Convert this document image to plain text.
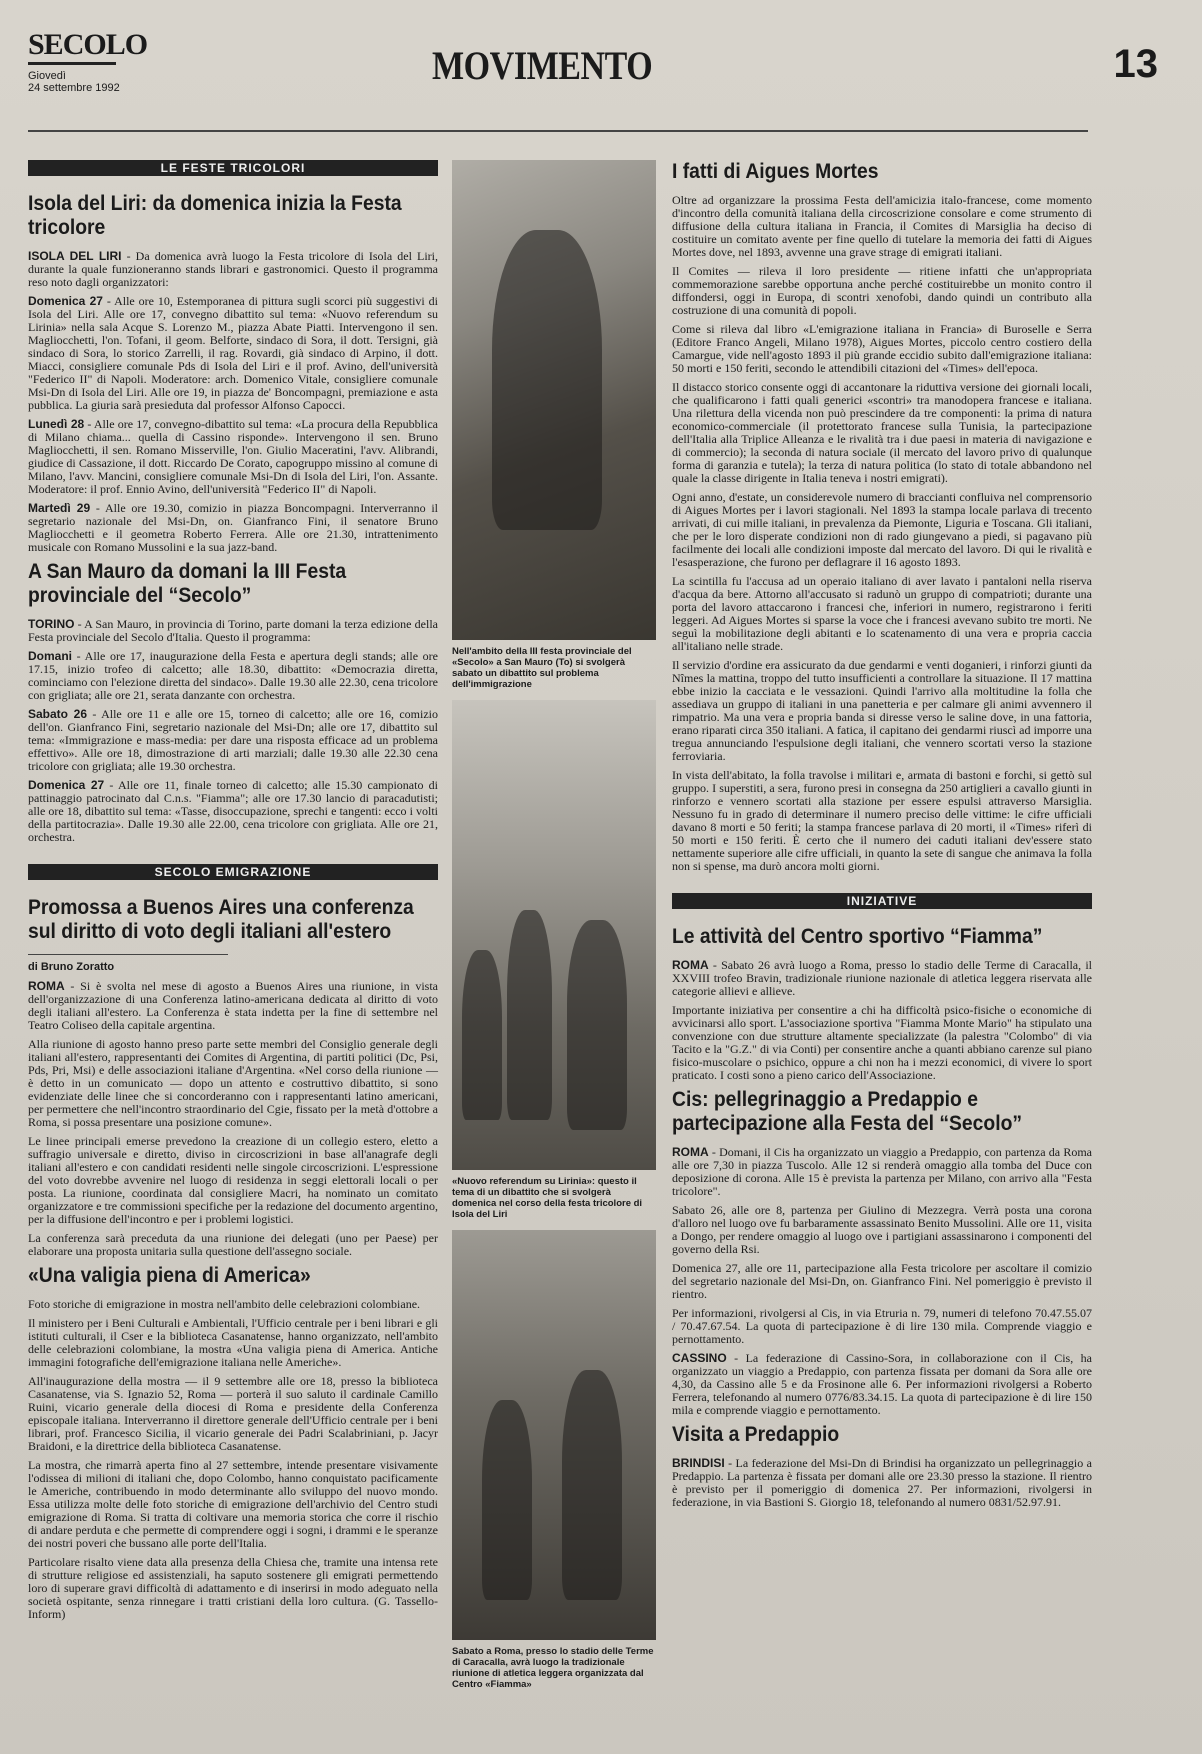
SECOLO
Giovedì
24 settembre 1992	MOVIMENTO	13
LE FESTE TRICOLORI
Isola del Liri: da domenica inizia la Festa tricolore

ISOLA DEL LIRI - Da domenica avrà luogo la Festa tricolore di Isola del Liri, durante la quale funzioneranno stands librari e gastronomici. Questo il programma reso noto dagli organizzatori:

Domenica 27 - Alle ore 10, Estemporanea di pittura sugli scorci più suggestivi di Isola del Liri. Alle ore 17, convegno dibattito sul tema: «Nuovo referendum su Lirinia» nella sala Acque S. Lorenzo M., piazza Abate Piatti. Intervengono il sen. Magliocchetti, l'on. Tofani, il geom. Belforte, sindaco di Sora, il dott. Tersigni, già sindaco di Sora, lo storico Zarrelli, il rag. Rovardi, già sindaco di Arpino, il dott. Miacci, consigliere comunale Pds di Isola del Liri e il prof. Avino, dell'università "Federico II" di Napoli. Moderatore: arch. Domenico Vitale, consigliere comunale Msi-Dn di Isola del Liri. Alle ore 19, in piazza de' Boncompagni, premiazione e asta pubblica. La giuria sarà presieduta dal professor Alfonso Capocci.

Lunedì 28 - Alle ore 17, convegno-dibattito sul tema: «La procura della Repubblica di Milano chiama... quella di Cassino risponde». Intervengono il sen. Bruno Magliocchetti, il sen. Romano Misserville, l'on. Giulio Maceratini, l'avv. Alibrandi, giudice di Cassazione, il dott. Riccardo De Corato, capogruppo missino al comune di Milano, l'avv. Mancini, consigliere comunale Msi-Dn di Isola del Liri, l'on. Assante. Moderatore: il prof. Ennio Avino, dell'università "Federico II" di Napoli.

Martedì 29 - Alle ore 19.30, comizio in piazza Boncompagni. Interverranno il segretario nazionale del Msi-Dn, on. Gianfranco Fini, il senatore Bruno Magliocchetti e il geometra Roberto Ferrera. Alle ore 21.30, intrattenimento musicale con Romano Mussolini e la sua jazz-band.

A San Mauro da domani la III Festa provinciale del “Secolo”

TORINO - A San Mauro, in provincia di Torino, parte domani la terza edizione della Festa provinciale del Secolo d'Italia. Questo il programma:

Domani - Alle ore 17, inaugurazione della Festa e apertura degli stands; alle ore 17.15, inizio trofeo di calcetto; alle 18.30, dibattito: «Democrazia diretta, cominciamo con l'elezione diretta del sindaco». Dalle 19.30 alle 22.30, cena tricolore con grigliata; alle ore 21, serata danzante con orchestra.

Sabato 26 - Alle ore 11 e alle ore 15, torneo di calcetto; alle ore 16, comizio dell'on. Gianfranco Fini, segretario nazionale del Msi-Dn; alle ore 17, dibattito sul tema: «Immigrazione e mass-media: per dare una risposta efficace ad un problema effettivo». Alle ore 18, dimostrazione di arti marziali; dalle 19.30 alle 22.30 cena tricolore con grigliata; alle 19.30 orchestra.

Domenica 27 - Alle ore 11, finale torneo di calcetto; alle 15.30 campionato di pattinaggio patrocinato dal C.n.s. "Fiamma"; alle ore 17.30 lancio di paracadutisti; alle ore 18, dibattito sul tema: «Tasse, disoccupazione, sprechi e tangenti: ecco i volti della partitocrazia». Dalle 19.30 alle 22.00, cena tricolore con grigliata. Alle ore 21, orchestra.

SECOLO EMIGRAZIONE
Promossa a Buenos Aires una conferenza sul diritto di voto degli italiani all'estero
di Bruno Zoratto

ROMA - Si è svolta nel mese di agosto a Buenos Aires una riunione, in vista dell'organizzazione di una Conferenza latino-americana dedicata al diritto di voto degli italiani all'estero. La Conferenza è stata indetta per la fine di settembre nel Teatro Coliseo della capitale argentina.

Alla riunione di agosto hanno preso parte sette membri del Consiglio generale degli italiani all'estero, rappresentanti dei Comites di Argentina, di partiti politici (Dc, Psi, Pds, Pri, Msi) e delle associazioni italiane d'Argentina. «Nel corso della riunione — è detto in un comunicato — dopo un attento e costruttivo dibattito, si sono evidenziate delle linee che si concorderanno con i rappresentanti latino americani, per permettere che nell'incontro straordinario del Cgie, fissato per la metà d'ottobre a Roma, si possa presentare una posizione comune».

Le linee principali emerse prevedono la creazione di un collegio estero, eletto a suffragio universale e diretto, diviso in circoscrizioni in base all'anagrafe degli italiani all'estero e con candidati residenti nelle singole circoscrizioni. L'espressione del voto dovrebbe avvenire nel luogo di residenza in seggi elettorali locali o per posta. La riunione, coordinata dal consigliere Macri, ha nominato un comitato organizzatore e tre commissioni specifiche per la redazione del documento argentino, per la diffusione dell'incontro e per i problemi logistici.

La conferenza sarà preceduta da una riunione dei delegati (uno per Paese) per elaborare una proposta unitaria sulla questione dell'assegno sociale.

«Una valigia piena di America»

Foto storiche di emigrazione in mostra nell'ambito delle celebrazioni colombiane.

Il ministero per i Beni Culturali e Ambientali, l'Ufficio centrale per i beni librari e gli istituti culturali, il Cser e la biblioteca Casanatense, hanno organizzato, nell'ambito delle celebrazioni colombiane, la mostra «Una valigia piena di America. Antiche immagini fotografiche dell'emigrazione italiana nelle Americhe».

All'inaugurazione della mostra — il 9 settembre alle ore 18, presso la biblioteca Casanatense, via S. Ignazio 52, Roma — porterà il suo saluto il cardinale Camillo Ruini, vicario generale della diocesi di Roma e presidente della Conferenza episcopale italiana. Interverranno il direttore generale dell'Ufficio centrale per i beni librari, prof. Francesco Sicilia, il vicario generale dei Padri Scalabriniani, p. Jacyr Braidoni, e la direttrice della biblioteca Casanatense.

La mostra, che rimarrà aperta fino al 27 settembre, intende presentare visivamente l'odissea di milioni di italiani che, dopo Colombo, hanno conquistato pacificamente le Americhe, contribuendo in modo determinante allo sviluppo del nuovo mondo. Essa utilizza molte delle foto storiche di emigrazione dell'archivio del Centro studi emigrazione di Roma. Si tratta di coltivare una memoria storica che corre il rischio di andare perduta e che permette di comprendere oggi i sogni, i drammi e le speranze dei nostri poveri che bussano alle porte dell'Italia.

Particolare risalto viene data alla presenza della Chiesa che, tramite una intensa rete di strutture religiose ed assistenziali, ha saputo sostenere gli emigrati permettendo loro di superare gravi difficoltà di adattamento e di inserirsi in modo adeguato nella società ospitante, senza rinnegare i tratti cristiani della loro cultura. (G. Tassello-Inform)

Nell'ambito della III festa provinciale del «Secolo» a San Mauro (To) si svolgerà sabato un dibattito sul problema dell'immigrazione
«Nuovo referendum su Lirinia»: questo il tema di un dibattito che si svolgerà domenica nel corso della festa tricolore di Isola del Liri
Sabato a Roma, presso lo stadio delle Terme di Caracalla, avrà luogo la tradizionale riunione di atletica leggera organizzata dal Centro «Fiamma»
I fatti di Aigues Mortes

Oltre ad organizzare la prossima Festa dell'amicizia italo-francese, come momento d'incontro della comunità italiana della circoscrizione consolare e come strumento di diffusione della cultura italiana in Francia, il Comites di Marsiglia ha deciso di costituire un comitato avente per fine quello di tutelare la memoria dei fatti di Aigues Mortes dove, nel 1893, avvenne una grave strage di emigrati italiani.

Il Comites — rileva il loro presidente — ritiene infatti che un'appropriata commemorazione sarebbe opportuna anche perché costituirebbe un monito contro il diffondersi, oggi in Europa, di scontri xenofobi, dando quindi un contributo alla costruzione di una comunità di popoli.

Come si rileva dal libro «L'emigrazione italiana in Francia» di Buroselle e Serra (Editore Franco Angeli, Milano 1978), Aigues Mortes, piccolo centro costiero della Camargue, vide nell'agosto 1893 il più grande eccidio subito dall'emigrazione italiana: 50 morti e 150 feriti, secondo le attendibili citazioni del «Times» dell'epoca.

Il distacco storico consente oggi di accantonare la riduttiva versione dei giornali locali, che qualificarono i fatti quali generici «scontri» tra manodopera francese e italiana. Una rilettura della vicenda non può prescindere da tre componenti: la prima di natura economico-commerciale (il protettorato francese sulla Tunisia, la partecipazione dell'Italia alla Triplice Alleanza e le rivalità tra i due paesi in materia di navigazione e di commercio); la seconda di natura sociale (il mercato del lavoro privo di qualunque forma di garanzia e tutela); la terza di natura politica (lo stato di totale abbandono nel quale la classe dirigente in Italia teneva i nostri emigrati).

Ogni anno, d'estate, un considerevole numero di braccianti confluiva nel comprensorio di Aigues Mortes per i lavori stagionali. Nel 1893 la stampa locale parlava di trecento arrivati, di cui mille italiani, in prevalenza da Piemonte, Liguria e Toscana. Gli italiani, che per le loro disperate condizioni non di rado giungevano a piedi, si pagavano più facilmente dei locali alle condizioni imposte dal mercato del lavoro. Di qui le rivalità e l'esasperazione, che furono per deflagrare il 16 agosto 1893.

La scintilla fu l'accusa ad un operaio italiano di aver lavato i pantaloni nella riserva d'acqua da bere. Attorno all'accusato si radunò un gruppo di compatrioti; durante una porta del lavoro attaccarono i francesi che, inferiori in numero, registrarono i feriti leggeri. Ad Aigues Mortes si sparse la voce che i francesi avevano subito tre morti. Ne seguì la mobilitazione degli abitanti e lo scatenamento di una vera e propria caccia all'italiano nelle strade.

Il servizio d'ordine era assicurato da due gendarmi e venti doganieri, i rinforzi giunti da Nîmes la mattina, troppo del tutto insufficienti a controllare la situazione. Il 17 mattina ebbe inizio la cacciata e le vessazioni. Quindi l'arrivo alla moltitudine la folla che assediava un gruppo di italiani in una panetteria e per calmare gli animi avvennero il rimpatrio. Ma una vera e propria banda si diresse verso le saline dove, in una fattoria, erano riparati circa 350 italiani. A fatica, il capitano dei gendarmi riuscì ad imporre una tregua annunciando l'espulsione degli italiani, che vennero scortati verso la stazione ferroviaria.

In vista dell'abitato, la folla travolse i militari e, armata di bastoni e forchi, si gettò sul gruppo. I superstiti, a sera, furono presi in consegna da 250 artiglieri a cavallo giunti in rinforzo e vennero scortati alla stazione per essere espulsi attraverso Marsiglia. Nessuno fu in grado di determinare il numero preciso delle vittime: le cifre ufficiali davano 8 morti e 50 feriti; la stampa francese parlava di 20 morti, il «Times» riferì di 50 morti e 150 feriti. È certo che il numero dei caduti italiani dev'essere stato nettamente superiore alle cifre ufficiali, in quanto la sete di sangue che animava la folla non si spense, ma durò ancora molti giorni.

INIZIATIVE
Le attività del Centro sportivo “Fiamma”

ROMA - Sabato 26 avrà luogo a Roma, presso lo stadio delle Terme di Caracalla, il XXVIII trofeo Bravin, tradizionale riunione nazionale di atletica leggera riservata alle categorie allievi e allieve.

Importante iniziativa per consentire a chi ha difficoltà psico-fisiche o economiche di avvicinarsi allo sport. L'associazione sportiva "Fiamma Monte Mario" ha stipulato una convenzione con due strutture altamente specializzate (la palestra "Colombo" di via Tacito e la "G.Z." di via Conti) per consentire anche a quanti abbiano carenze sul piano fisico-muscolare o psichico, oppure a chi non ha i mezzi economici, di vivere lo sport praticato. I costi sono a pieno carico dell'Associazione.

Cis: pellegrinaggio a Predappio e partecipazione alla Festa del “Secolo”

ROMA - Domani, il Cis ha organizzato un viaggio a Predappio, con partenza da Roma alle ore 7,30 in piazza Tuscolo. Alle 12 si renderà omaggio alla tomba del Duce con deposizione di corona. Alle 15 è prevista la partenza per Milano, con arrivo alla "Festa tricolore".

Sabato 26, alle ore 8, partenza per Giulino di Mezzegra. Verrà posta una corona d'alloro nel luogo ove fu barbaramente assassinato Benito Mussolini. Alle ore 11, visita a Dongo, per rendere omaggio al luogo ove i partigiani assassinarono i componenti del governo della Rsi.

Domenica 27, alle ore 11, partecipazione alla Festa tricolore per ascoltare il comizio del segretario nazionale del Msi-Dn, on. Gianfranco Fini. Nel pomeriggio è previsto il rientro.

Per informazioni, rivolgersi al Cis, in via Etruria n. 79, numeri di telefono 70.47.55.07 / 70.47.67.54. La quota di partecipazione è di lire 130 mila. Comprende viaggio e pernottamento.

CASSINO - La federazione di Cassino-Sora, in collaborazione con il Cis, ha organizzato un viaggio a Predappio, con partenza fissata per domani da Sora alle ore 4,30, da Cassino alle 5 e da Frosinone alle 6. Per informazioni rivolgersi a Roberto Ferrera, telefonando al numero 0776/83.34.15. La quota di partecipazione è di lire 150 mila e comprende viaggio e pernottamento.

Visita a Predappio

BRINDISI - La federazione del Msi-Dn di Brindisi ha organizzato un pellegrinaggio a Predappio. La partenza è fissata per domani alle ore 23.30 presso la stazione. Il rientro è previsto per il pomeriggio di domenica 27. Per informazioni, rivolgersi in federazione, in via Bastioni S. Giorgio 18, telefonando al numero 0831/52.97.91.
